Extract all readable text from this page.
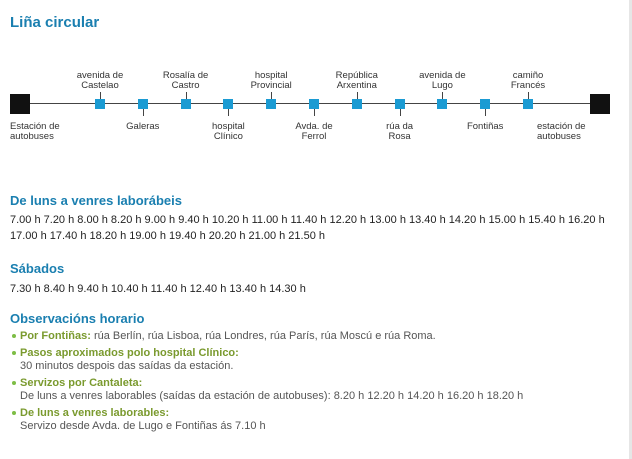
Liña circular
Estación de
autobuses
estación de
autobuses
avenida de
Castelao
Galeras
Rosalía de
Castro
hospital
Clínico
hospital
Provincial
Avda. de
Ferrol
República
Arxentina
rúa da
Rosa
avenida de
Lugo
Fontiñas
camiño
Francés
De luns a venres laborábeis
7.00 h 7.20 h 8.00 h 8.20 h 9.00 h 9.40 h 10.20 h 11.00 h 11.40 h 12.20 h 13.00 h 13.40 h 14.20 h 15.00 h 15.40 h 16.20 h 17.00 h 17.40 h 18.20 h 19.00 h 19.40 h 20.20 h 21.00 h 21.50 h
Sábados
7.30 h 8.40 h 9.40 h 10.40 h 11.40 h 12.40 h 13.40 h 14.30 h
Observacións horario
Por Fontiñas: rúa Berlín, rúa Lisboa, rúa Londres, rúa París, rúa Moscú e rúa Roma.
Pasos aproximados polo hospital Clínico:
30 minutos despois das saídas da estación.
Servizos por Cantaleta:
De luns a venres laborables (saídas da estación de autobuses): 8.20 h 12.20 h 14.20 h 16.20 h 18.20 h
De luns a venres laborables:
Servizo desde Avda. de Lugo e Fontiñas ás 7.10 h
